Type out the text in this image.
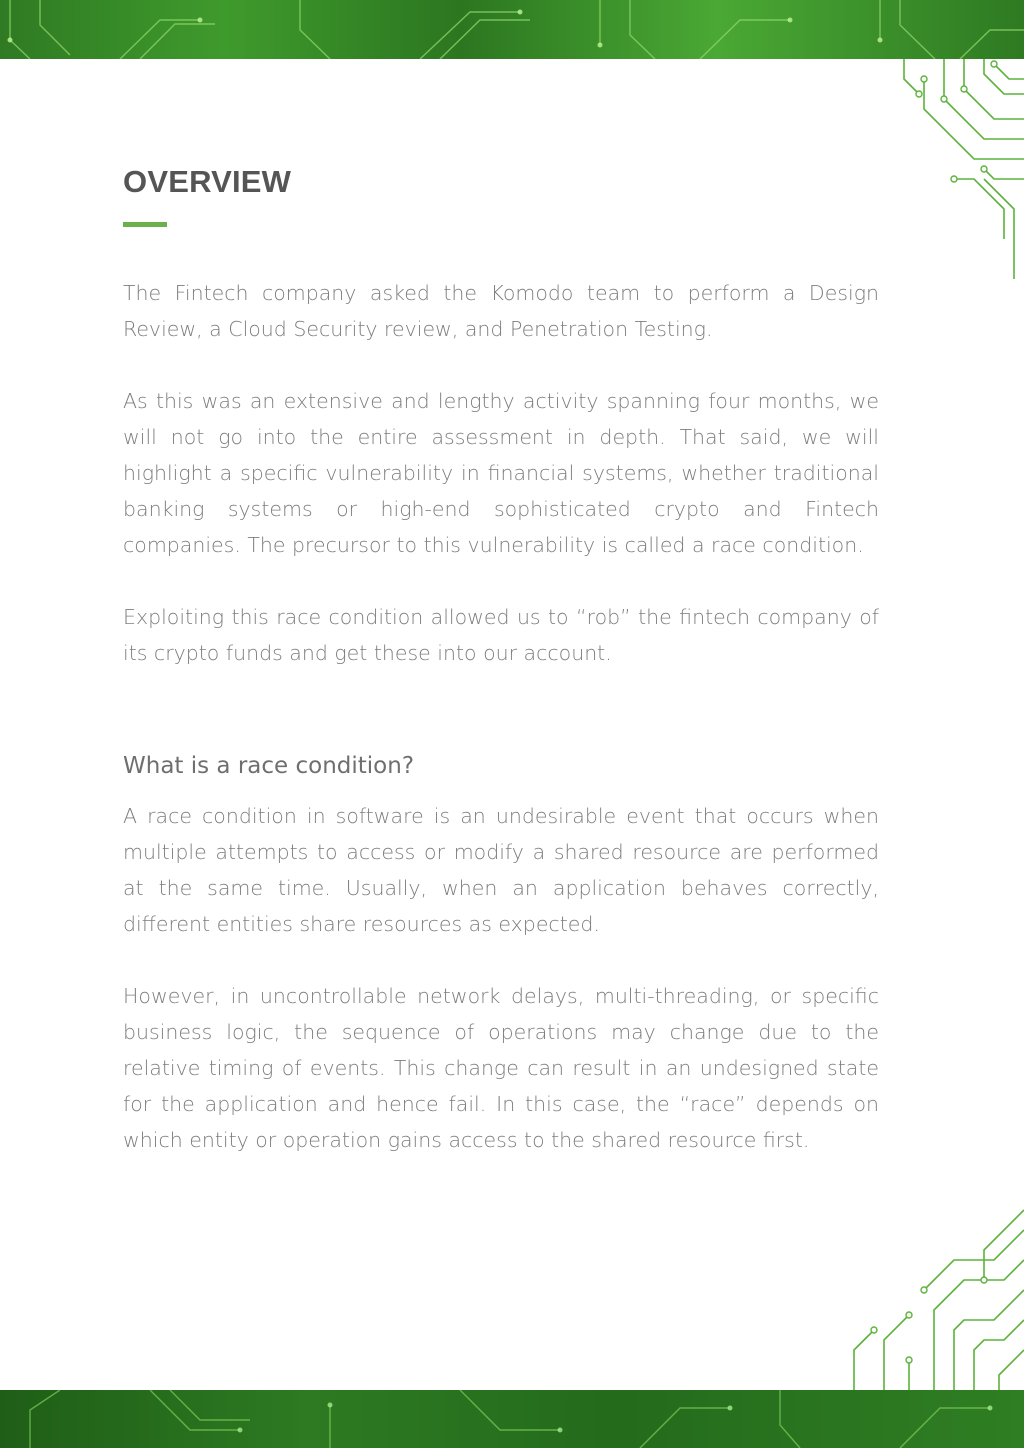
OVERVIEW

The Fintech company asked the Komodo team to perform a Design Review, a Cloud Security review, and Penetration Testing.

As this was an extensive and lengthy activity spanning four months, we will not go into the entire assessment in depth. That said, we will highlight a specific vulnerability in financial systems, whether traditional banking systems or high-end sophisticated crypto and Fintech companies. The precursor to this vulnerability is called a race condition.

Exploiting this race condition allowed us to “rob” the fintech company of its crypto funds and get these into our account.

What is a race condition?

A race condition in software is an undesirable event that occurs when multiple attempts to access or modify a shared resource are performed at the same time. Usually, when an application behaves correctly, different entities share resources as expected.

However, in uncontrollable network delays, multi-threading, or specific business logic, the sequence of operations may change due to the relative timing of events. This change can result in an undesigned state for the application and hence fail. In this case, the “race” depends on which entity or operation gains access to the shared resource first.
